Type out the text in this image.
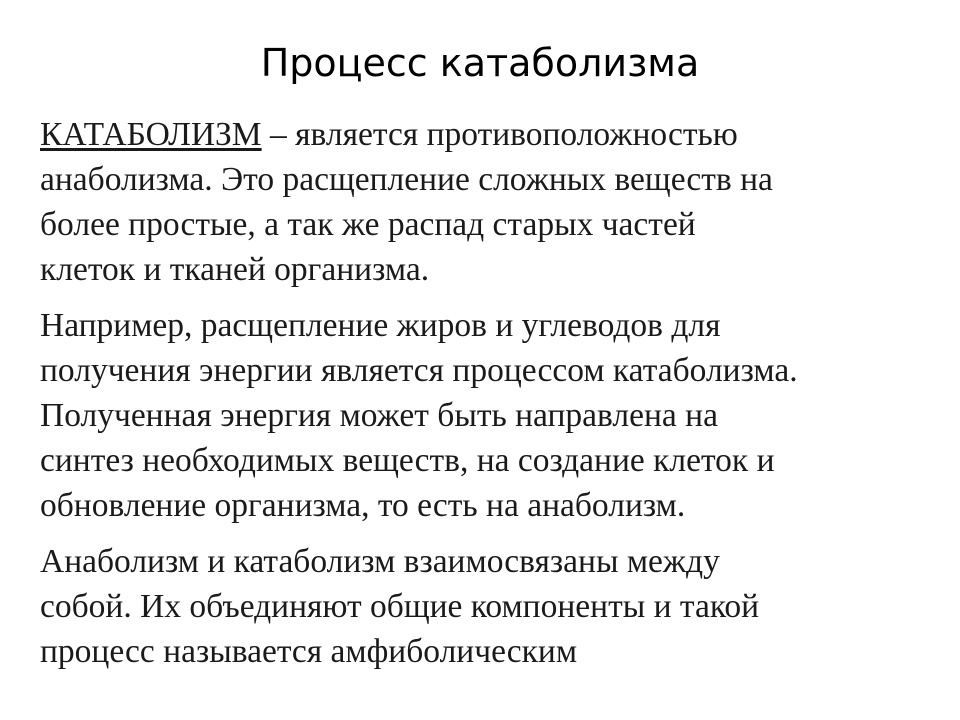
Процесс катаболизма

КАТАБОЛИЗМ – является противоположностью
анаболизма. Это расщепление сложных веществ на
более простые, а так же распад старых частей
клеток и тканей организма.

Например, расщепление жиров и углеводов для
получения энергии является процессом катаболизма.
Полученная энергия может быть направлена на
синтез необходимых веществ, на создание клеток и
обновление организма, то есть на анаболизм.

Анаболизм и катаболизм взаимосвязаны между
собой. Их объединяют общие компоненты и такой
процесс называется амфиболическим
